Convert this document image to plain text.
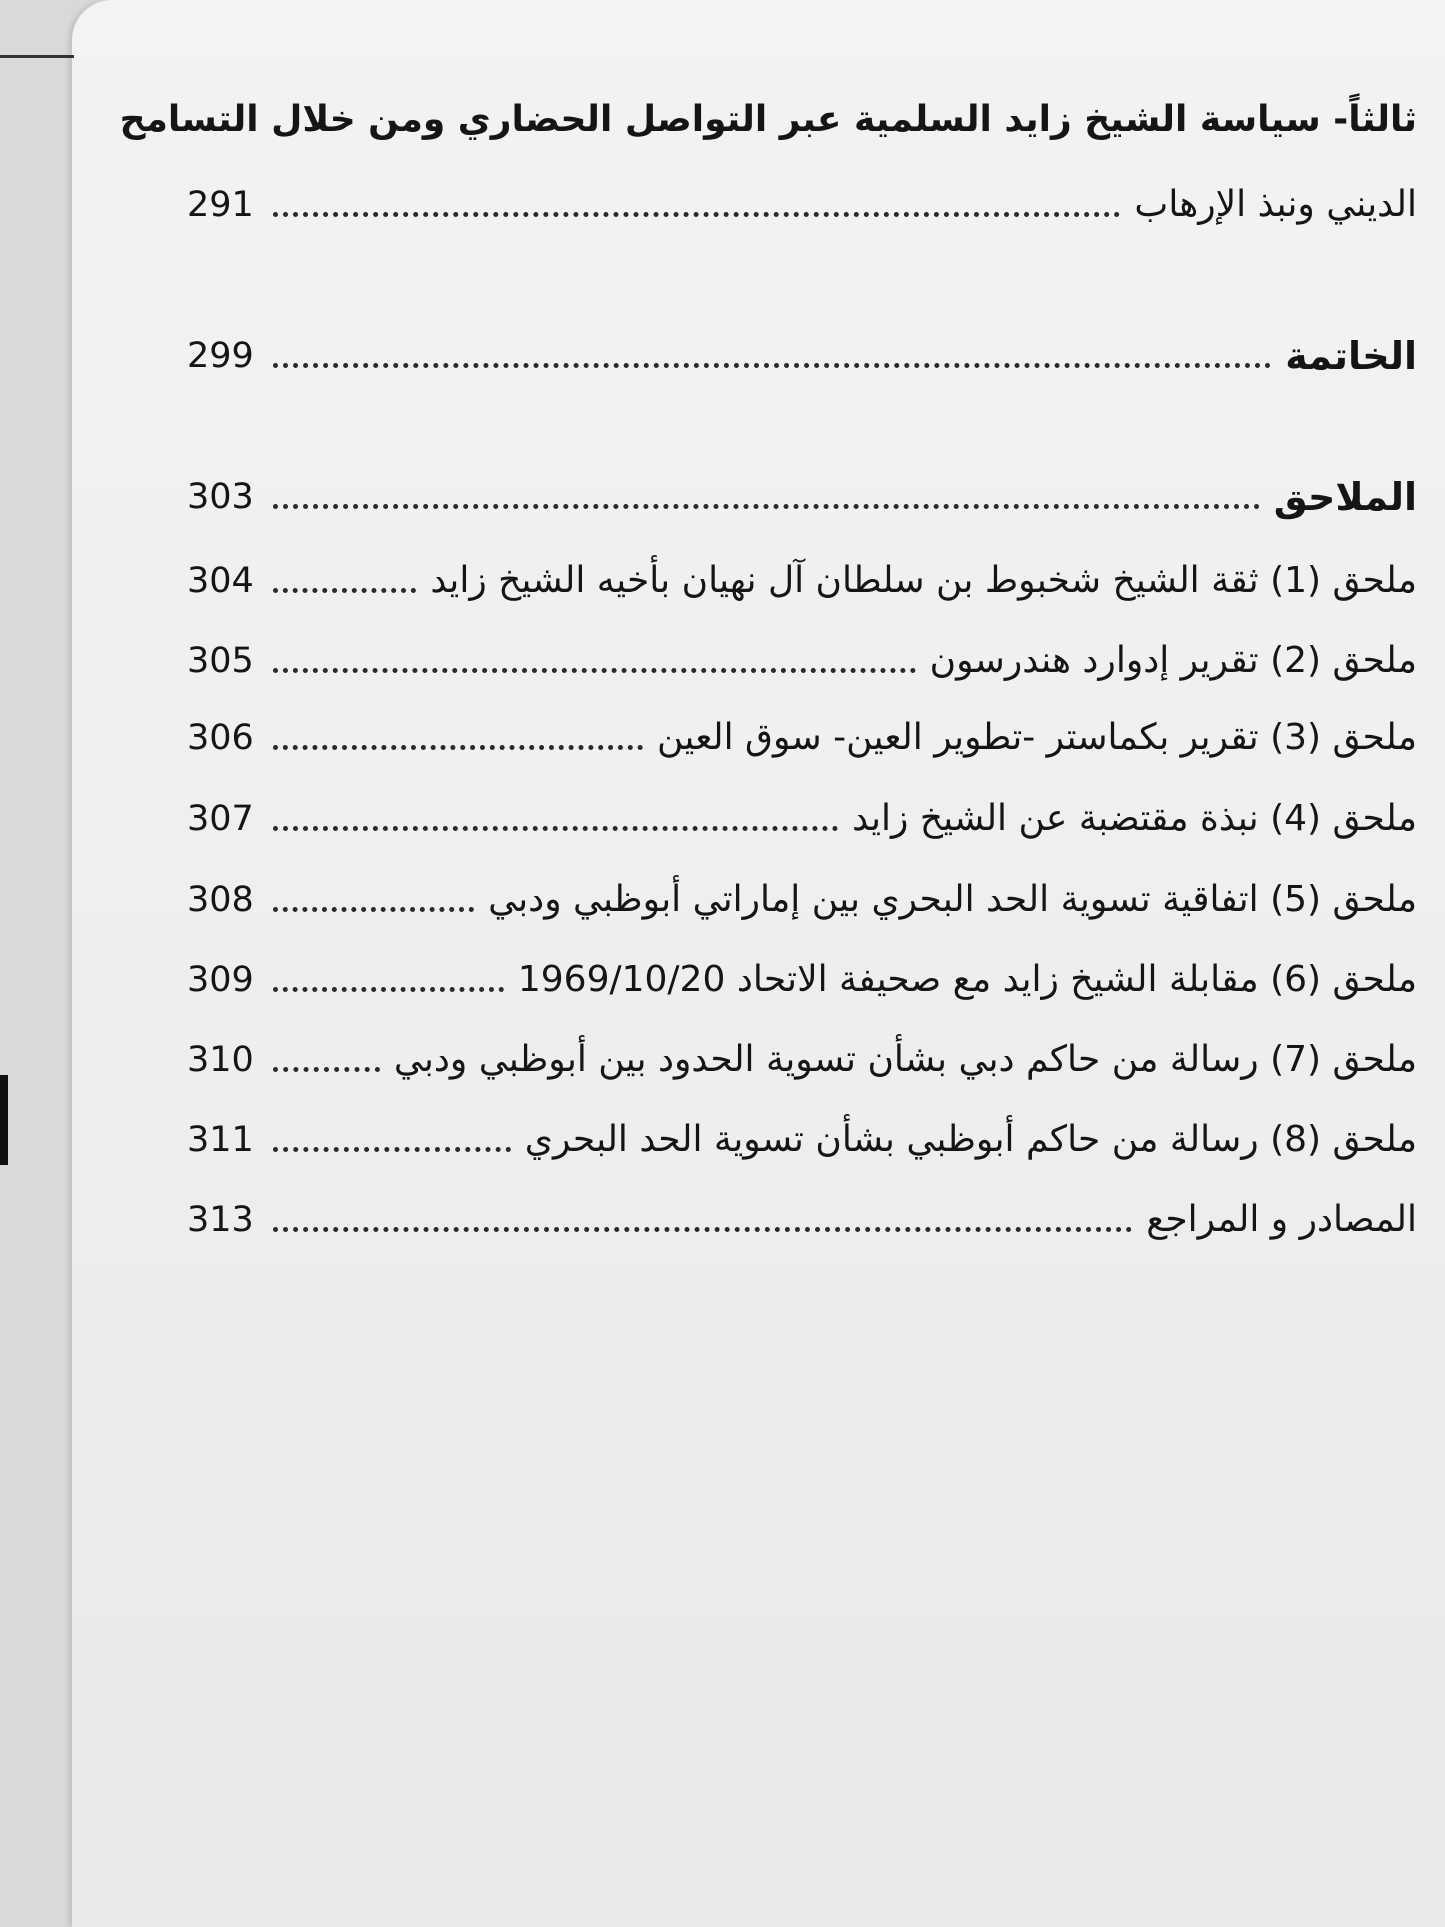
ثالثاً- سياسة الشيخ زايد السلمية عبر التواصل الحضاري ومن خلال التسامح
الديني ونبذ الإرهاب
291
الخاتمة
299
الملاحق
303
ملحق (1) ثقة الشيخ شخبوط بن سلطان آل نهيان بأخيه الشيخ زايد
304
ملحق (2) تقرير إدوارد هندرسون
305
ملحق (3) تقرير بكماستر -تطوير العين- سوق العين
306
ملحق (4) نبذة مقتضبة عن الشيخ زايد
307
ملحق (5) اتفاقية تسوية الحد البحري بين إماراتي أبوظبي ودبي
308
ملحق (6) مقابلة الشيخ زايد مع صحيفة الاتحاد 1969/10/20
309
ملحق (7) رسالة من حاكم دبي بشأن تسوية الحدود بين أبوظبي ودبي
310
ملحق (8) رسالة من حاكم أبوظبي بشأن تسوية الحد البحري
311
المصادر و المراجع
313
